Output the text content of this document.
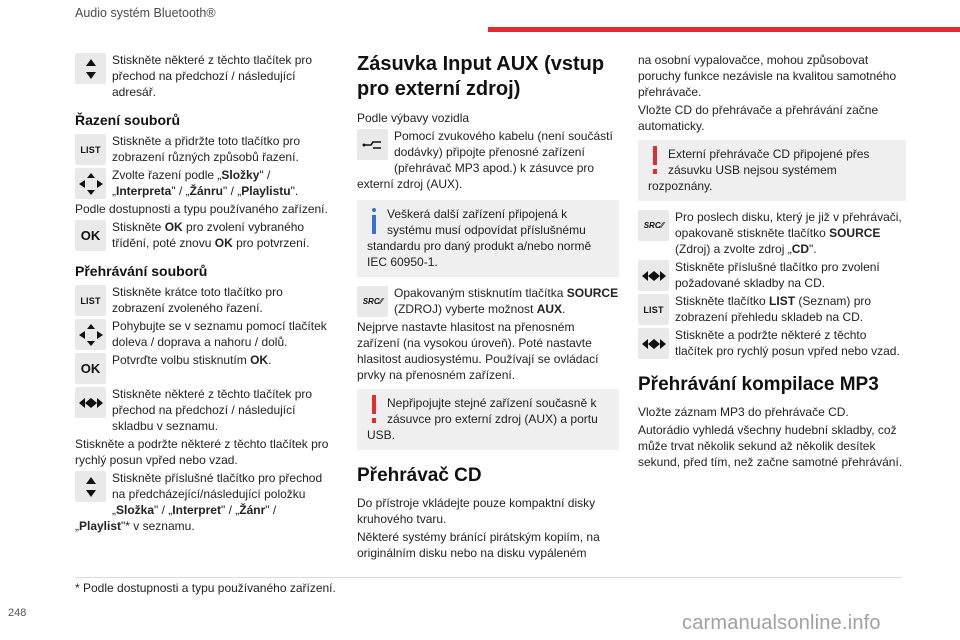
Audio systém Bluetooth®

Stiskněte některé z těchto tlačítek pro přechod na předchozí / následující adresář.

Řazení souborů
LIST

Stiskněte a přidržte toto tlačítko pro zobrazení různých způsobů řazení.

Zvolte řazení podle „Složky" / „Interpreta" / „Žánru" / „Playlistu".

Podle dostupnosti a typu používaného zařízení.

OK

Stiskněte OK pro zvolení vybraného třídění, poté znovu OK pro potvrzení.

Přehrávání souborů
LIST

Stiskněte krátce toto tlačítko pro zobrazení zvoleného řazení.

Pohybujte se v seznamu pomocí tlačítek doleva / doprava a nahoru / dolů.

OK

Potvrďte volbu stisknutím OK.

Stiskněte některé z těchto tlačítek pro přechod na předchozí / následující skladbu v seznamu.

Stiskněte a podržte některé z těchto tlačítek pro rychlý posun vpřed nebo vzad.

Stiskněte příslušné tlačítko pro přechod na předcházející/následující položku „Složka" / „Interpret" / „Žánr" / „Playlist"* v seznamu.

Zásuvka Input AUX (vstup pro externí zdroj)

Podle výbavy vozidla

Pomocí zvukového kabelu (není součástí dodávky) připojte přenosné zařízení (přehrávač MP3 apod.) k zásuvce pro externí zdroj (AUX).

Veškerá další zařízení připojená k systému musí odpovídat příslušnému standardu pro daný produkt a/nebo normě IEC 60950-1.

SRC ⁄⁄

Opakovaným stisknutím tlačítka SOURCE (ZDROJ) vyberte možnost AUX.

Nejprve nastavte hlasitost na přenosném zařízení (na vysokou úroveň). Poté nastavte hlasitost audiosystému. Používají se ovládací prvky na přenosném zařízení.

Nepřipojujte stejné zařízení současně k zásuvce pro externí zdroj (AUX) a portu USB.

Přehrávač CD

Do přístroje vkládejte pouze kompaktní disky kruhového tvaru.

Některé systémy bránící pirátským kopiím, na originálním disku nebo na disku vypáleném

na osobní vypalovačce, mohou způsobovat poruchy funkce nezávisle na kvalitou samotného přehrávače.

Vložte CD do přehrávače a přehrávání začne automaticky.

Externí přehrávače CD připojené přes zásuvku USB nejsou systémem rozpoznány.

SRC ⁄⁄

Pro poslech disku, který je již v přehrávači, opakovaně stiskněte tlačítko SOURCE (Zdroj) a zvolte zdroj „CD".

Stiskněte příslušné tlačítko pro zvolení požadované skladby na CD.

LIST

Stiskněte tlačítko LIST (Seznam) pro zobrazení přehledu skladeb na CD.

Stiskněte a podržte některé z těchto tlačítek pro rychlý posun vpřed nebo vzad.

Přehrávání kompilace MP3

Vložte záznam MP3 do přehrávače CD.

Autorádio vyhledá všechny hudební skladby, což může trvat několik sekund až několik desítek sekund, před tím, než začne samotné přehrávání.

* Podle dostupnosti a typu používaného zařízení.
248	carmanualsonline.info
